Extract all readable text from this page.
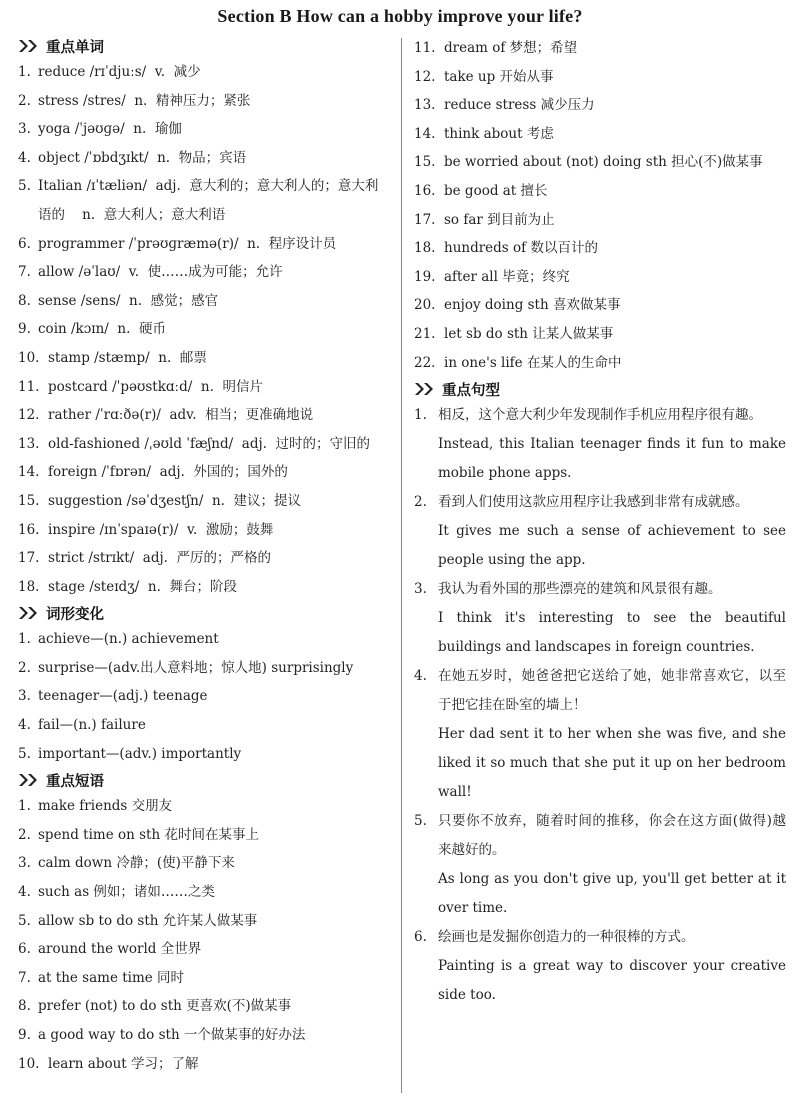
Section B How can a hobby improve your life?
重点单词
1. reduce /rɪˈdjuːs/  v.  减少
2. stress /stres/  n.  精神压力；紧张
3. yoga /ˈjəʊɡə/  n.  瑜伽
4. object /ˈɒbdʒɪkt/  n.  物品；宾语
5. Italian /ɪˈtæliən/  adj.  意大利的；意大利人的；意大利语的    n.  意大利人；意大利语
6. programmer /ˈprəʊɡræmə(r)/  n.  程序设计员
7. allow /əˈlaʊ/  v.  使……成为可能；允许
8. sense /sens/  n.  感觉；感官
9. coin /kɔɪn/  n.  硬币
10. stamp /stæmp/  n.  邮票
11. postcard /ˈpəʊstkɑːd/  n.  明信片
12. rather /ˈrɑːðə(r)/  adv.  相当；更准确地说
13. old-fashioned /ˌəʊld ˈfæʃnd/  adj.  过时的；守旧的
14. foreign /ˈfɒrən/  adj.  外国的；国外的
15. suggestion /səˈdʒestʃn/  n.  建议；提议
16. inspire /ɪnˈspaɪə(r)/  v.  激励；鼓舞
17. strict /strɪkt/  adj.  严厉的；严格的
18. stage /steɪdʒ/  n.  舞台；阶段
词形变化
1. achieve—(n.) achievement
2. surprise—(adv.出人意料地；惊人地) surprisingly
3. teenager—(adj.) teenage
4. fail—(n.) failure
5. important—(adv.) importantly
重点短语
1. make friends 交朋友
2. spend time on sth 花时间在某事上
3. calm down 冷静；(使)平静下来
4. such as 例如；诸如……之类
5. allow sb to do sth 允许某人做某事
6. around the world 全世界
7. at the same time 同时
8. prefer (not) to do sth 更喜欢(不)做某事
9. a good way to do sth 一个做某事的好办法
10. learn about 学习；了解
11. dream of 梦想；希望
12. take up 开始从事
13. reduce stress 减少压力
14. think about 考虑
15. be worried about (not) doing sth 担心(不)做某事
16. be good at 擅长
17. so far 到目前为止
18. hundreds of 数以百计的
19. after all 毕竟；终究
20. enjoy doing sth 喜欢做某事
21. let sb do sth 让某人做某事
22. in one's life 在某人的生命中
重点句型
1. 相反，这个意大利少年发现制作手机应用程序很有趣。
Instead, this Italian teenager finds it fun to make mobile phone apps.
2. 看到人们使用这款应用程序让我感到非常有成就感。
It gives me such a sense of achievement to see people using the app.
3. 我认为看外国的那些漂亮的建筑和风景很有趣。
I think it's interesting to see the beautiful buildings and landscapes in foreign countries.
4. 在她五岁时，她爸爸把它送给了她，她非常喜欢它，以至于把它挂在卧室的墙上！
Her dad sent it to her when she was five, and she liked it so much that she put it up on her bedroom wall!
5. 只要你不放弃，随着时间的推移，你会在这方面(做得)越来越好的。
As long as you don't give up, you'll get better at it over time.
6. 绘画也是发掘你创造力的一种很棒的方式。
Painting is a great way to discover your creative side too.
